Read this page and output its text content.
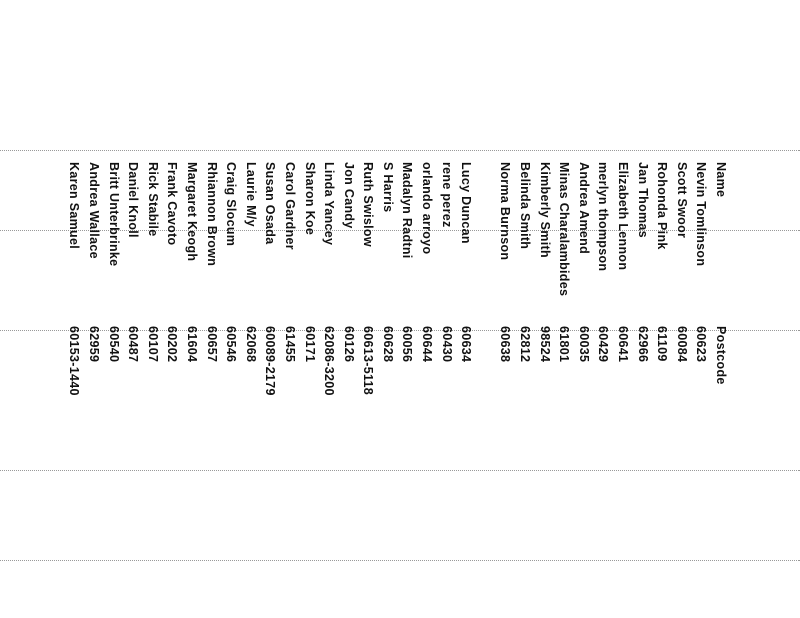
Name
Postcode
Nevin Tomlinson
60623
Scott Swoor
60084
Rohonda Pink
61109
Jan Thomas
62966
Elizabeth Lennon
60641
merlyn thompson
60429
Andrea Amend
60035
Minas Charalambides
61801
Kimberly Smith
98524
Belinda Smith
62812
Norma Burnson
60638
Lucy Duncan
60634
rene perez
60430
orlando arroyo
60644
Madalyn Radtni
60056
S Harris
60628
Ruth Swislow
60613-5118
Jon Candy
60126
Linda Yancey
62086-3200
Sharon Koe
60171
Carol Gardner
61455
Susan Osada
60089-2179
Laurie M/y
62068
Craig Slocum
60546
Rhiannon Brown
60657
Margaret Keogh
61604
Frank Cavoto
60202
Rick Stabile
60107
Daniel Knoll
60487
Britt Unterbrinke
60540
Andrea Wallace
62959
Karen Samuel
60153-1440
